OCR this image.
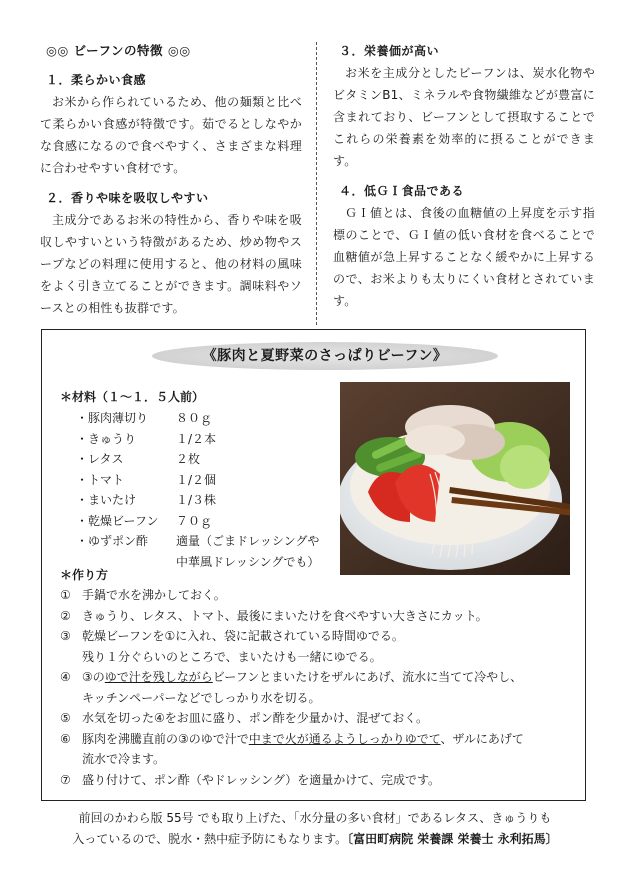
◎◎ ビーフンの特徴 ◎◎
１．柔らかい食感
お米から作られているため、他の麺類と比べて柔らかい食感が特徴です。茹でるとしなやかな食感になるので食べやすく、さまざまな料理に合わせやすい食材です。
２．香りや味を吸収しやすい
主成分であるお米の特性から、香りや味を吸収しやすいという特徴があるため、炒め物やスープなどの料理に使用すると、他の材料の風味をよく引き立てることができます。調味料やソースとの相性も抜群です。
３．栄養価が高い
お米を主成分としたビーフンは、炭水化物やビタミンB1、ミネラルや食物繊維などが豊富に含まれており、ビーフンとして摂取することでこれらの栄養素を効率的に摂ることができます。
４．低ＧＩ食品である
ＧＩ値とは、食後の血糖値の上昇度を示す指標のことで、ＧＩ値の低い食材を食べることで血糖値が急上昇することなく緩やかに上昇するので、お米よりも太りにくい食材とされています。
《豚肉と夏野菜のさっぱりビーフン》
＊材料（１～１．５人前）
・豚肉薄切り	８０ｇ
・きゅうり	１/２本
・レタス	２枚
・トマト	１/２個
・まいたけ	１/３株
・乾燥ビーフン	７０ｇ
・ゆずポン酢	適量（ごまドレッシングや
中華風ドレッシングでも）
＊作り方
① 手鍋で水を沸かしておく。
② きゅうり、レタス、トマト、最後にまいたけを食べやすい大きさにカット。
③ 乾燥ビーフンを①に入れ、袋に記載されている時間ゆでる。
残り１分ぐらいのところで、まいたけも一緒にゆでる。
④ ③のゆで汁を残しながらビーフンとまいたけをザルにあげ、流水に当てて冷やし、
キッチンペーパーなどでしっかり水を切る。
⑤ 水気を切った④をお皿に盛り、ポン酢を少量かけ、混ぜておく。
⑥ 豚肉を沸騰直前の③のゆで汁で中まで火が通るようしっかりゆでて、ザルにあげて
流水で冷ます。
⑦ 盛り付けて、ポン酢（やドレッシング）を適量かけて、完成です。
前回のかわら版 55号 でも取り上げた、「水分量の多い食材」であるレタス、きゅうりも
入っているので、脱水・熱中症予防にもなります。〔富田町病院 栄養課 栄養士 永利拓馬〕
